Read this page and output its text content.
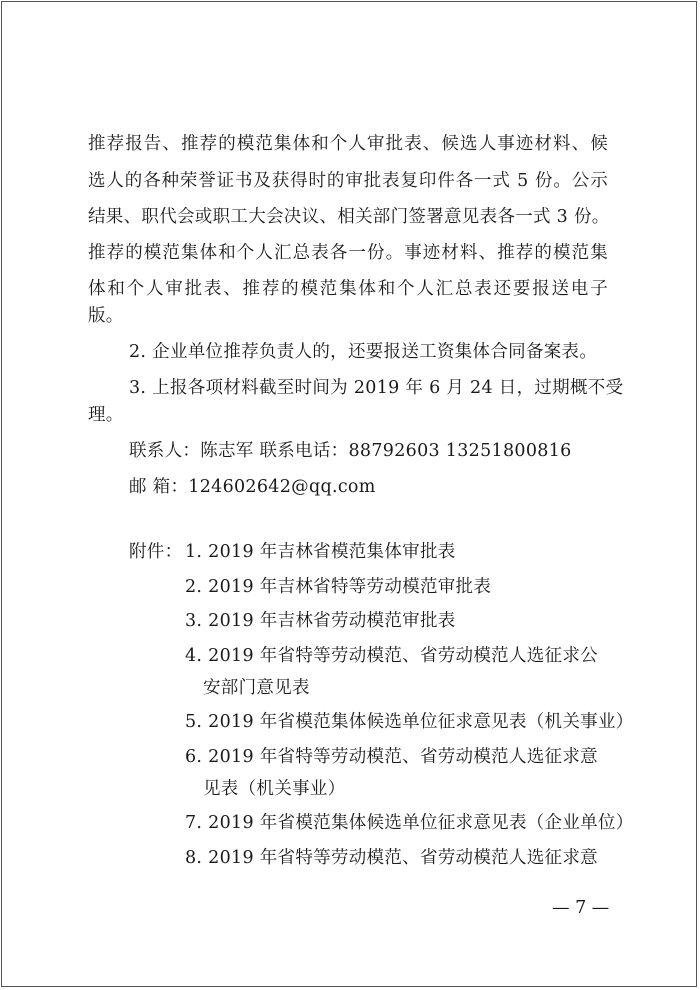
推荐报告、推荐的模范集体和个人审批表、候选人事迹材料、候
选人的各种荣誉证书及获得时的审批表复印件各一式 5 份。公示
结果、职代会或职工大会决议、相关部门签署意见表各一式 3 份。
推荐的模范集体和个人汇总表各一份。事迹材料、推荐的模范集
体和个人审批表、推荐的模范集体和个人汇总表还要报送电子
版。
2. 企业单位推荐负责人的，还要报送工资集体合同备案表。
3. 上报各项材料截至时间为 2019 年 6 月 24 日，过期概不受
理。
联系人：陈志军 联系电话：88792603 13251800816
邮 箱：124602642@qq.com
附件： 1. 2019 年吉林省模范集体审批表
2. 2019 年吉林省特等劳动模范审批表
3. 2019 年吉林省劳动模范审批表
4. 2019 年省特等劳动模范、省劳动模范人选征求公
安部门意见表
5. 2019 年省模范集体候选单位征求意见表（机关事业）
6. 2019 年省特等劳动模范、省劳动模范人选征求意
见表（机关事业）
7. 2019 年省模范集体候选单位征求意见表（企业单位）
8. 2019 年省特等劳动模范、省劳动模范人选征求意
— 7 —
